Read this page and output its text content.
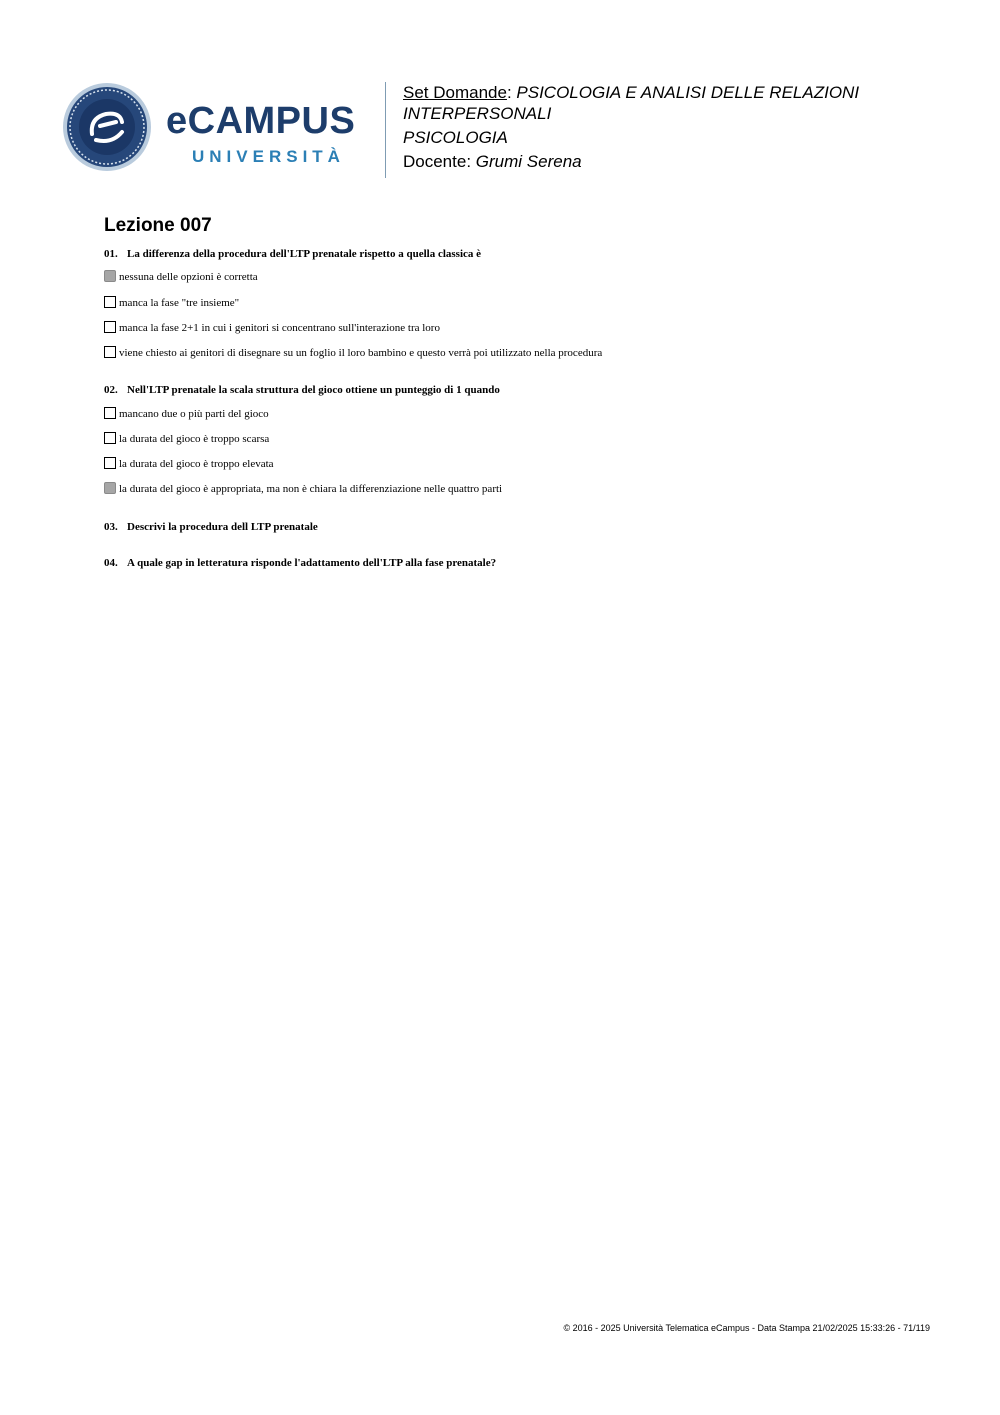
eCAMPUS
UNIVERSITÀ
Set Domande: PSICOLOGIA E ANALISI DELLE RELAZIONI INTERPERSONALI
PSICOLOGIA
Docente: Grumi Serena
Lezione 007
01. La differenza della procedura dell'LTP prenatale rispetto a quella classica è
nessuna delle opzioni è corretta
manca la fase "tre insieme"
manca la fase 2+1 in cui i genitori si concentrano sull'interazione tra loro
viene chiesto ai genitori di disegnare su un foglio il loro bambino e questo verrà poi utilizzato nella procedura
02. Nell'LTP prenatale la scala struttura del gioco ottiene un punteggio di 1 quando
mancano due o più parti del gioco
la durata del gioco è troppo scarsa
la durata del gioco è troppo elevata
la durata del gioco è appropriata, ma non è chiara la differenziazione nelle quattro parti
03. Descrivi la procedura dell LTP prenatale
04. A quale gap in letteratura risponde l'adattamento dell'LTP alla fase prenatale?
© 2016 - 2025 Università Telematica eCampus - Data Stampa 21/02/2025 15:33:26 - 71/119
